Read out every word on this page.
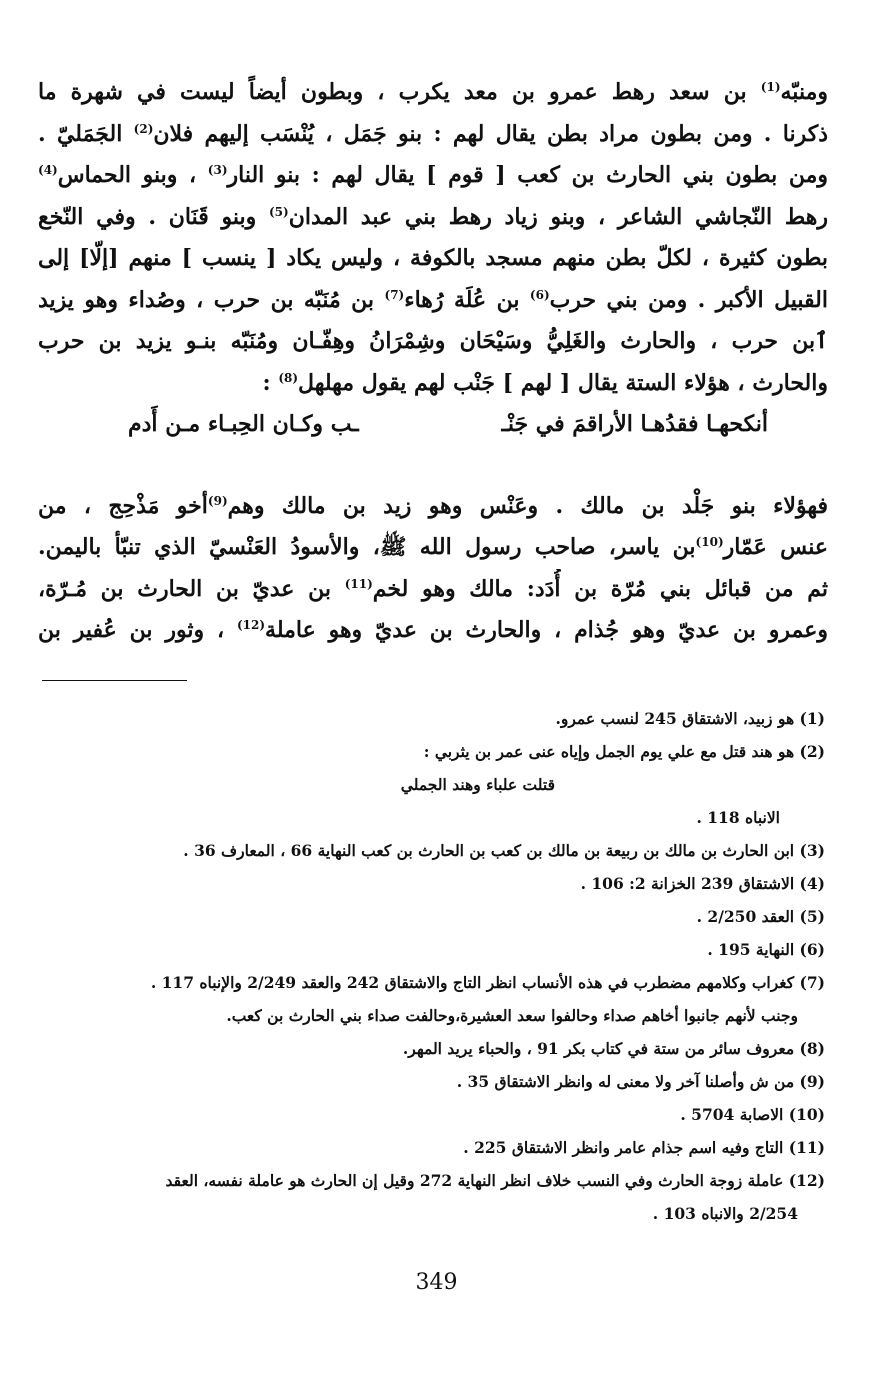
ومنبّه$^{(1)}$ بن سعد رهط عمرو بن معد يكرب ، وبطون أيضاً ليست في شهرة ما
ذكرنا . ومن بطون مراد بطن يقال لهم : بنو جَمَل ، يُنْسَب إليهم فلان$^{(2)}$ الجَمَليّ .
ومن بطون بني الحارث بن كعب [ قوم ] يقال لهم : بنو النار$^{(3)}$ ، وبنو الحماس$^{(4)}$
رهط النّجاشي الشاعر ، وبنو زياد رهط بني عبد المدان$^{(5)}$ وبنو قَنَان . وفي النّخع
بطون كثيرة ، لكلّ بطن منهم مسجد بالكوفة ، وليس يكاد [ ينسب ] منهم [إلّا] إلى
القبيل الأكبر . ومن بني حرب$^{(6)}$ بن عُلَة رُهاء$^{(7)}$ بن مُنَبّه بن حرب ، وصُداء وهو يزيد
ٱبن حرب ، والحارث والغَلِيُّ وسَيْحَان وشِمْرَانُ وهِفّـان ومُنَبّه بنـو يزيد بن حرب
والحارث ، هؤلاء الستة يقال [ لهم ] جَنْب لهم يقول مهلهل$^{(8)}$ :
أنكحهـا فقدُهـا الأراقمَ في جَنْـ
ـب وكـان الحِبـاء مـن أَدم
فهؤلاء بنو جَلْد بن مالك . وعَنْس وهو زيد بن مالك وهم$^{(9)}$أخو مَذْحِج ، من
عنس عَمّار$^{(10)}$بن ياسر، صاحب رسول الله ﷺ، والأسودُ العَنْسيّ الذي تنبّأ باليمن.
ثم من قبائل بني مُرّة بن أُدَد: مالك وهو لخم$^{(11)}$ بن عديّ بن الحارث بن مُـرّة،
وعمرو بن عديّ وهو جُذام ، والحارث بن عديّ وهو عاملة$^{(12)}$ ، وثور بن عُفير بن
(1) هو زبيد، الاشتقاق 245 لنسب عمرو.
(2) هو هند قتل مع علي يوم الجمل وإياه عنى عمر بن يثربي :
قتلت علباء وهند الجملي
الانباه 118 .
(3) ابن الحارث بن مالك بن ربيعة بن مالك بن كعب بن الحارث بن كعب النهاية 66 ، المعارف 36 .
(4) الاشتقاق 239 الخزانة 2: 106 .
(5) العقد 2/250 .
(6) النهاية 195 .
(7) كغراب وكلامهم مضطرب في هذه الأنساب انظر التاج والاشتقاق 242 والعقد 2/249 والإنباه 117 .
وجنب لأنهم جانبوا أخاهم صداء وحالفوا سعد العشيرة،وحالفت صداء بني الحارث بن كعب.
(8) معروف سائر من ستة في كتاب بكر 91 ، والحباء يريد المهر.
(9) من ش وأصلنا آخر ولا معنى له وانظر الاشتقاق 35 .
(10) الاصابة 5704 .
(11) التاج وفيه اسم جذام عامر وانظر الاشتقاق 225 .
(12) عاملة زوجة الحارث وفي النسب خلاف انظر النهاية 272 وقيل إن الحارث هو عاملة نفسه، العقد
2/254 والانباه 103 .
349
